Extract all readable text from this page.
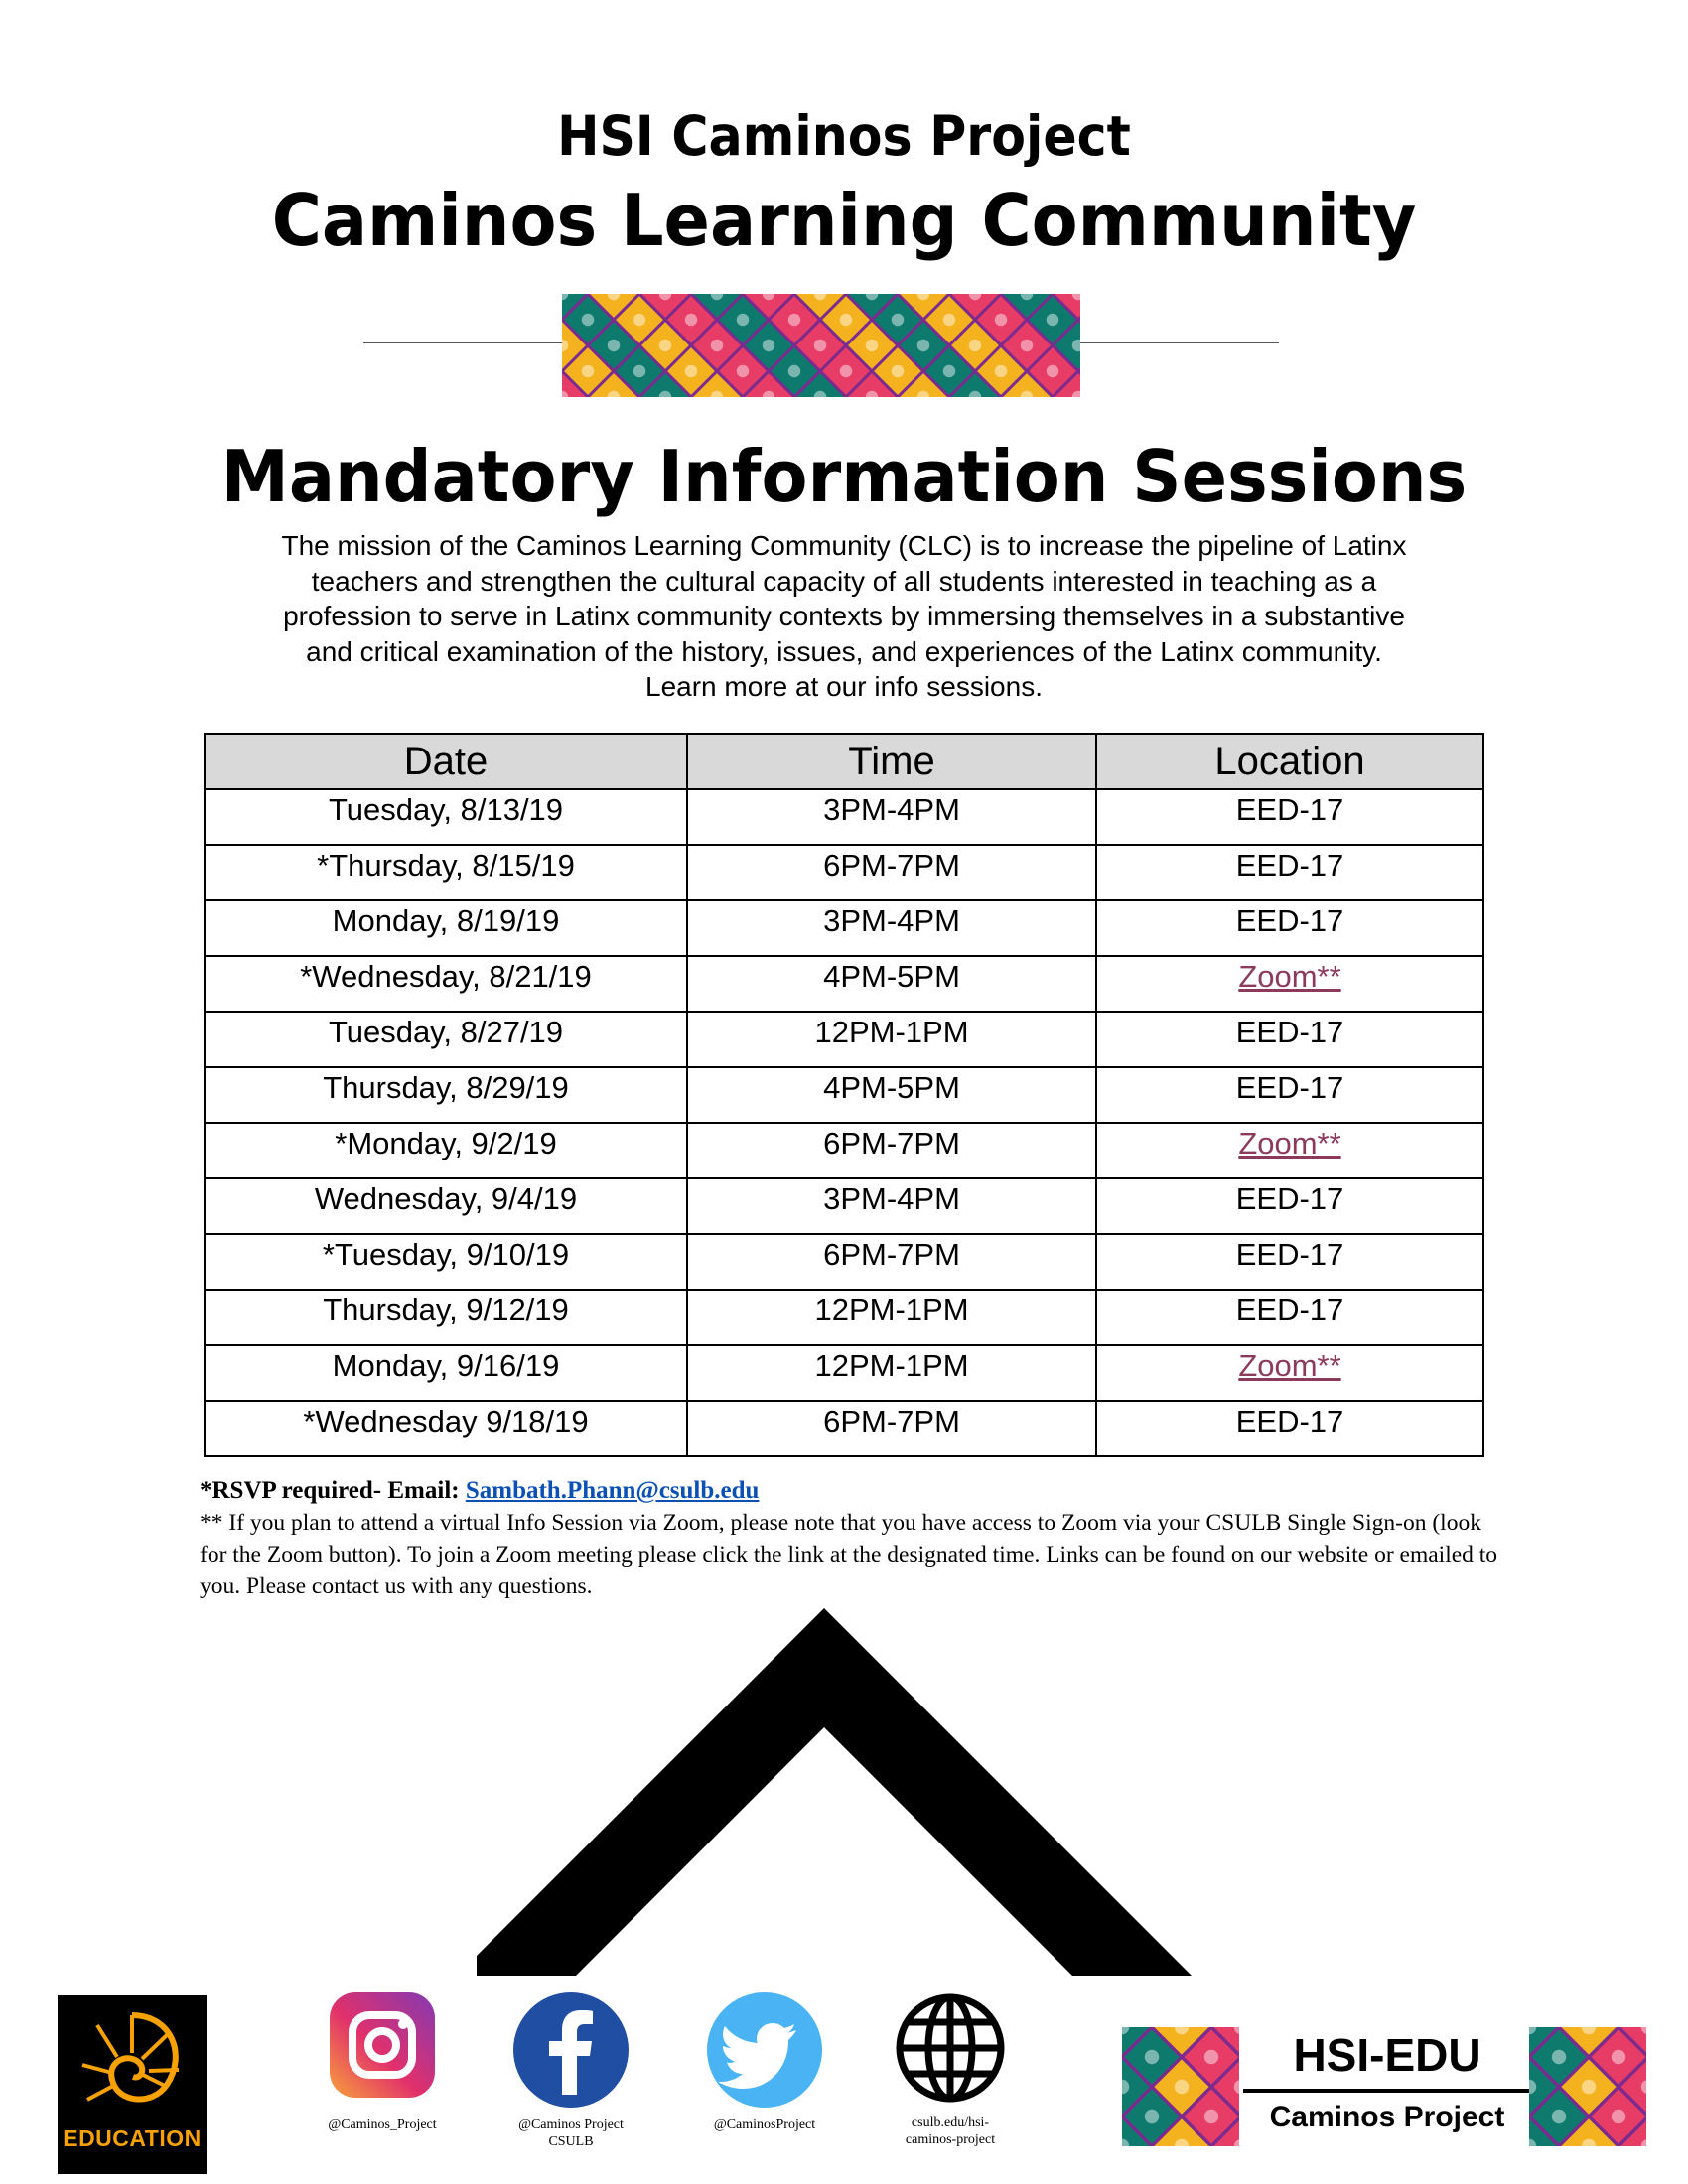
HSI Caminos Project
Caminos Learning Community
Mandatory Information Sessions
The mission of the Caminos Learning Community (CLC) is to increase the pipeline of Latinx
teachers and strengthen the cultural capacity of all students interested in teaching as a
profession to serve in Latinx community contexts by immersing themselves in a substantive
and critical examination of the history, issues, and experiences of the Latinx community.
Learn more at our info sessions.
Date	Time	Location
Tuesday, 8/13/19	3PM-4PM	EED-17
*Thursday, 8/15/19	6PM-7PM	EED-17
Monday, 8/19/19	3PM-4PM	EED-17
*Wednesday, 8/21/19	4PM-5PM	Zoom**
Tuesday, 8/27/19	12PM-1PM	EED-17
Thursday, 8/29/19	4PM-5PM	EED-17
*Monday, 9/2/19	6PM-7PM	Zoom**
Wednesday, 9/4/19	3PM-4PM	EED-17
*Tuesday, 9/10/19	6PM-7PM	EED-17
Thursday, 9/12/19	12PM-1PM	EED-17
Monday, 9/16/19	12PM-1PM	Zoom**
*Wednesday 9/18/19	6PM-7PM	EED-17
*RSVP required- Email: Sambath.Phann@csulb.edu
** If you plan to attend a virtual Info Session via Zoom, please note that you have access to Zoom via your CSULB Single Sign-on (look for the Zoom button). To join a Zoom meeting please click the link at the designated time. Links can be found on our website or emailed to you. Please contact us with any questions.
EDUCATION
@Caminos_Project	@Caminos Project
CSULB
@CaminosProject	csulb.edu/hsi-
caminos-project
HSI-EDU
Caminos Project
